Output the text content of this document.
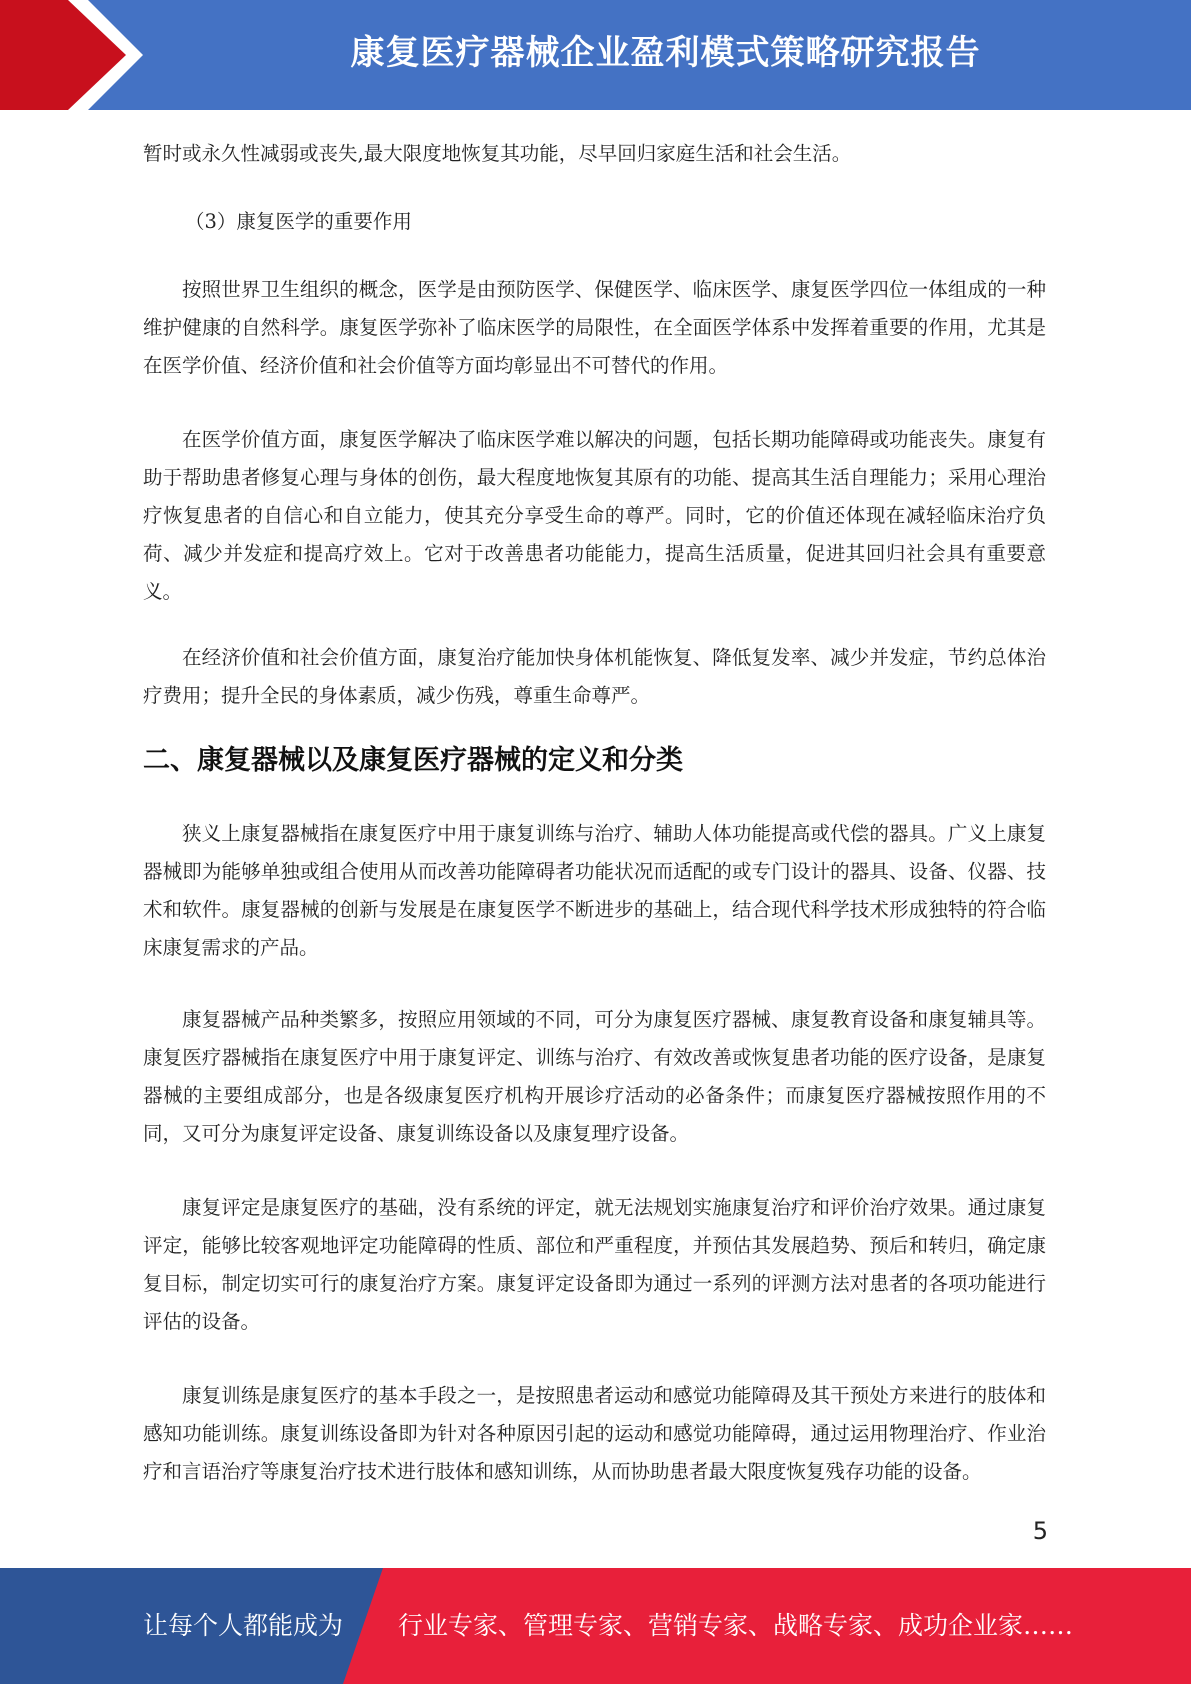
康复医疗器械企业盈利模式策略研究报告

暂时或永久性减弱或丧失,最大限度地恢复其功能，尽早回归家庭生活和社会生活。

（3）康复医学的重要作用

按照世界卫生组织的概念，医学是由预防医学、保健医学、临床医学、康复医学四位一体组成的一种维护健康的自然科学。康复医学弥补了临床医学的局限性，在全面医学体系中发挥着重要的作用，尤其是在医学价值、经济价值和社会价值等方面均彰显出不可替代的作用。

在医学价值方面，康复医学解决了临床医学难以解决的问题，包括长期功能障碍或功能丧失。康复有助于帮助患者修复心理与身体的创伤，最大程度地恢复其原有的功能、提高其生活自理能力；采用心理治疗恢复患者的自信心和自立能力，使其充分享受生命的尊严。同时，它的价值还体现在减轻临床治疗负荷、减少并发症和提高疗效上。它对于改善患者功能能力，提高生活质量，促进其回归社会具有重要意义。

在经济价值和社会价值方面，康复治疗能加快身体机能恢复、降低复发率、减少并发症，节约总体治疗费用；提升全民的身体素质，减少伤残，尊重生命尊严。

二、康复器械以及康复医疗器械的定义和分类

狭义上康复器械指在康复医疗中用于康复训练与治疗、辅助人体功能提高或代偿的器具。广义上康复器械即为能够单独或组合使用从而改善功能障碍者功能状况而适配的或专门设计的器具、设备、仪器、技术和软件。康复器械的创新与发展是在康复医学不断进步的基础上，结合现代科学技术形成独特的符合临床康复需求的产品。

康复器械产品种类繁多，按照应用领域的不同，可分为康复医疗器械、康复教育设备和康复辅具等。康复医疗器械指在康复医疗中用于康复评定、训练与治疗、有效改善或恢复患者功能的医疗设备，是康复器械的主要组成部分，也是各级康复医疗机构开展诊疗活动的必备条件；而康复医疗器械按照作用的不同，又可分为康复评定设备、康复训练设备以及康复理疗设备。

康复评定是康复医疗的基础，没有系统的评定，就无法规划实施康复治疗和评价治疗效果。通过康复评定，能够比较客观地评定功能障碍的性质、部位和严重程度，并预估其发展趋势、预后和转归，确定康复目标，制定切实可行的康复治疗方案。康复评定设备即为通过一系列的评测方法对患者的各项功能进行评估的设备。

康复训练是康复医疗的基本手段之一，是按照患者运动和感觉功能障碍及其干预处方来进行的肢体和感知功能训练。康复训练设备即为针对各种原因引起的运动和感觉功能障碍，通过运用物理治疗、作业治疗和言语治疗等康复治疗技术进行肢体和感知训练，从而协助患者最大限度恢复残存功能的设备。

5
让每个人都能成为 行业专家、管理专家、营销专家、战略专家、成功企业家……
